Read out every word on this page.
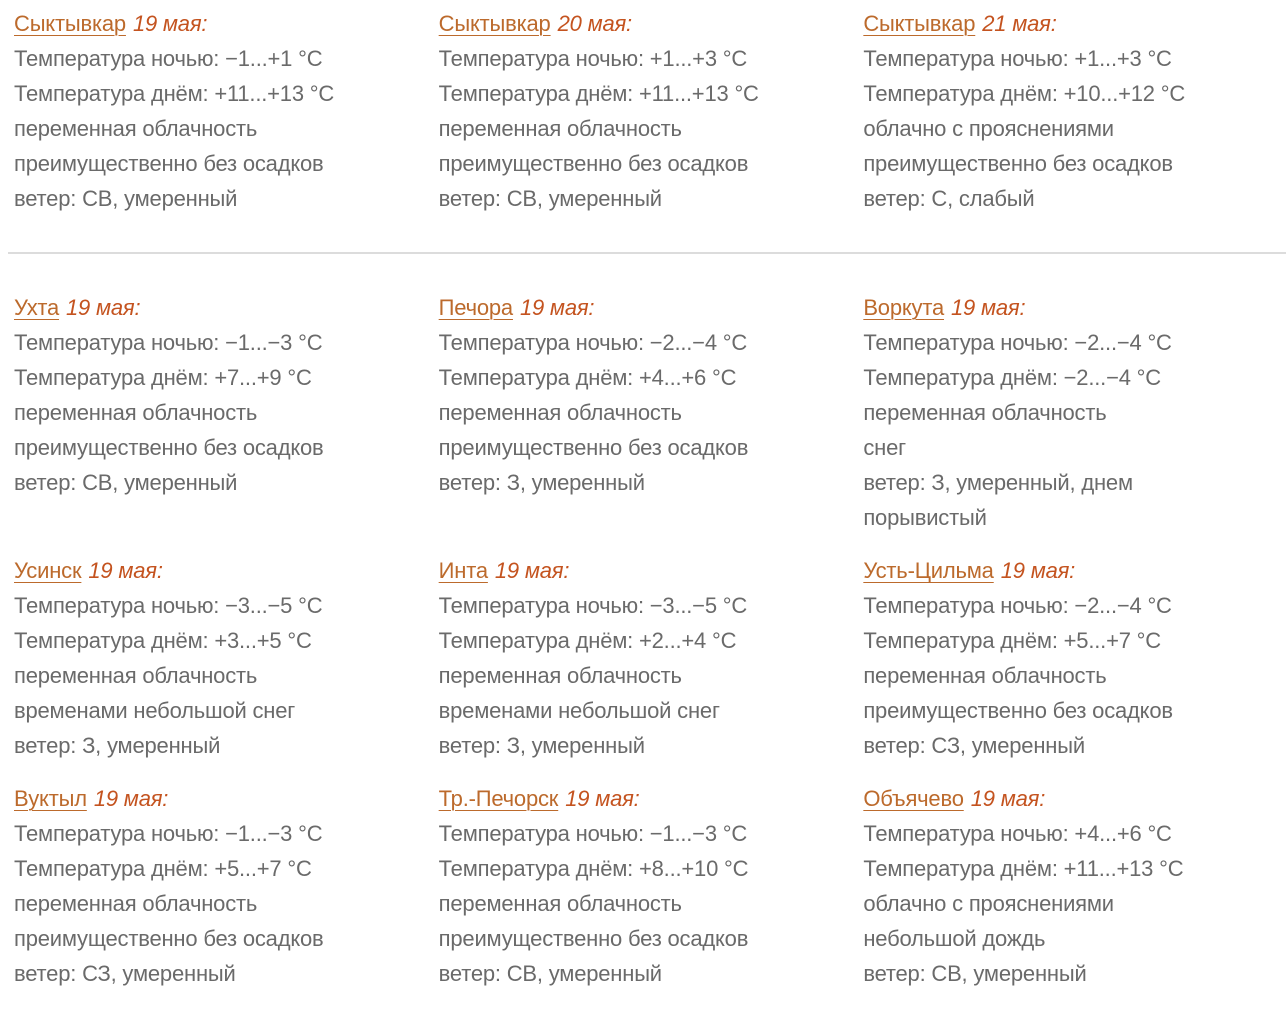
Сыктывкар 19 мая:
Температура ночью: −1...+1 °C
Температура днём: +11...+13 °C
переменная облачность
преимущественно без осадков
ветер: СВ, умеренный
Сыктывкар 20 мая:
Температура ночью: +1...+3 °C
Температура днём: +11...+13 °C
переменная облачность
преимущественно без осадков
ветер: СВ, умеренный
Сыктывкар 21 мая:
Температура ночью: +1...+3 °C
Температура днём: +10...+12 °C
облачно с прояснениями
преимущественно без осадков
ветер: С, слабый
Ухта 19 мая:
Температура ночью: −1...−3 °C
Температура днём: +7...+9 °C
переменная облачность
преимущественно без осадков
ветер: СВ, умеренный
Печора 19 мая:
Температура ночью: −2...−4 °C
Температура днём: +4...+6 °C
переменная облачность
преимущественно без осадков
ветер: З, умеренный
Воркута 19 мая:
Температура ночью: −2...−4 °C
Температура днём: −2...−4 °C
переменная облачность
снег
ветер: З, умеренный, днем
порывистый
Усинск 19 мая:
Температура ночью: −3...−5 °C
Температура днём: +3...+5 °C
переменная облачность
временами небольшой снег
ветер: З, умеренный
Инта 19 мая:
Температура ночью: −3...−5 °C
Температура днём: +2...+4 °C
переменная облачность
временами небольшой снег
ветер: З, умеренный
Усть-Цильма 19 мая:
Температура ночью: −2...−4 °C
Температура днём: +5...+7 °C
переменная облачность
преимущественно без осадков
ветер: СЗ, умеренный
Вуктыл 19 мая:
Температура ночью: −1...−3 °C
Температура днём: +5...+7 °C
переменная облачность
преимущественно без осадков
ветер: СЗ, умеренный
Тр.-Печорск 19 мая:
Температура ночью: −1...−3 °C
Температура днём: +8...+10 °C
переменная облачность
преимущественно без осадков
ветер: СВ, умеренный
Объячево 19 мая:
Температура ночью: +4...+6 °C
Температура днём: +11...+13 °C
облачно с прояснениями
небольшой дождь
ветер: СВ, умеренный
